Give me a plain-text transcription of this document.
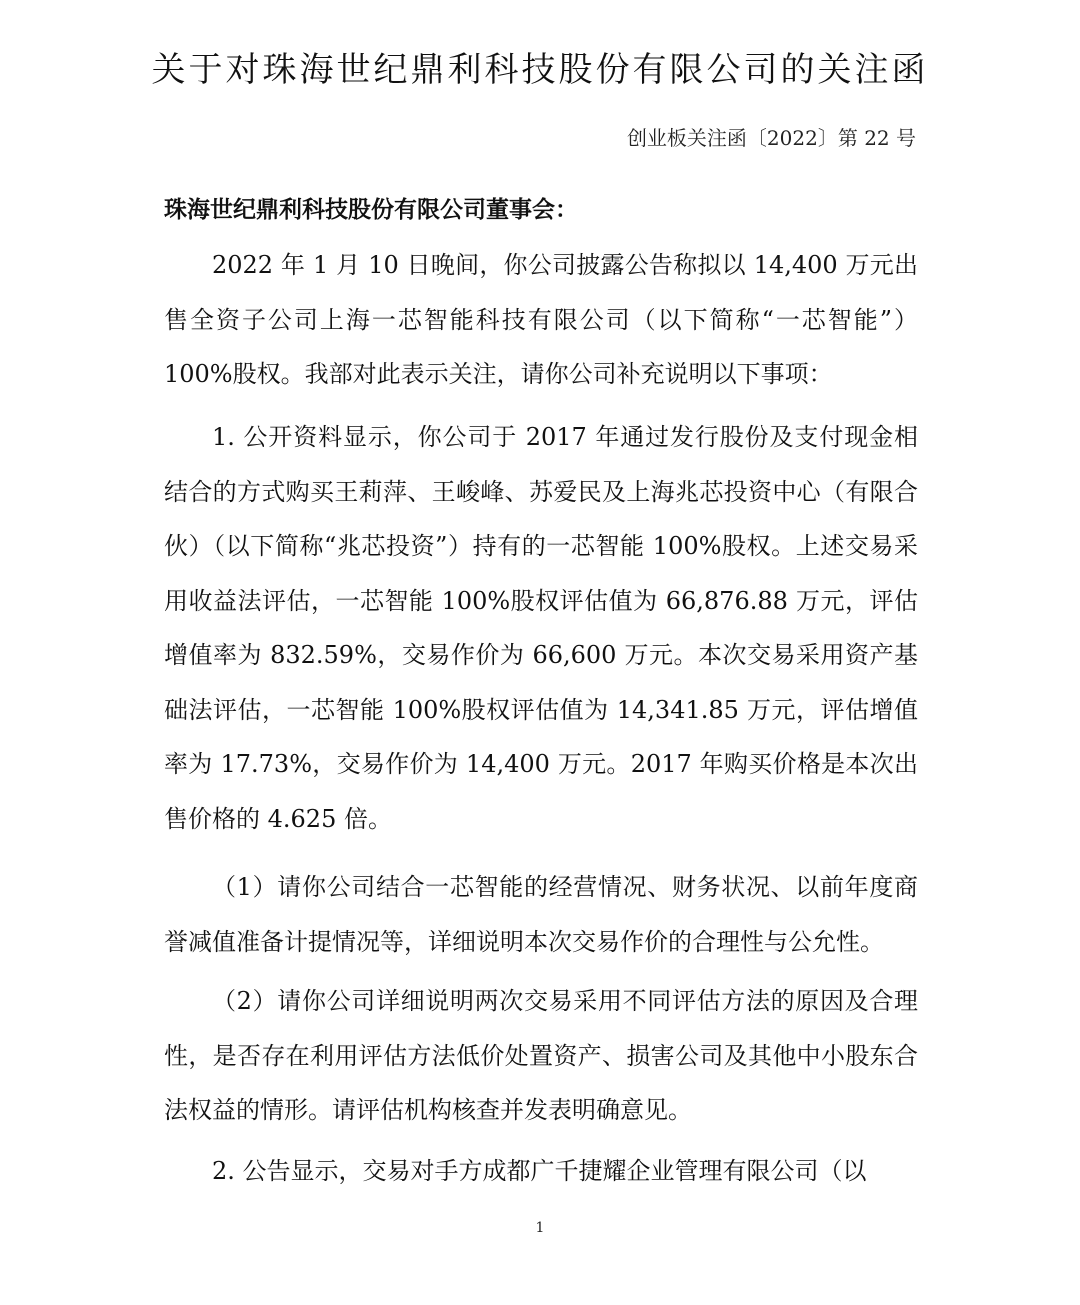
关于对珠海世纪鼎利科技股份有限公司的关注函
创业板关注函〔2022〕第 22 号
珠海世纪鼎利科技股份有限公司董事会：

2022 年 1 月 10 日晚间，你公司披露公告称拟以 14,400 万元出售全资子公司上海一芯智能科技有限公司（以下简称“一芯智能”）100%股权。我部对此表示关注，请你公司补充说明以下事项：

1. 公开资料显示，你公司于 2017 年通过发行股份及支付现金相结合的方式购买王莉萍、王峻峰、苏爱民及上海兆芯投资中心（有限合伙）（以下简称“兆芯投资”）持有的一芯智能 100%股权。上述交易采用收益法评估，一芯智能 100%股权评估值为 66,876.88 万元，评估增值率为 832.59%，交易作价为 66,600 万元。本次交易采用资产基础法评估，一芯智能 100%股权评估值为 14,341.85 万元，评估增值率为 17.73%，交易作价为 14,400 万元。2017 年购买价格是本次出售价格的 4.625 倍。

（1）请你公司结合一芯智能的经营情况、财务状况、以前年度商誉减值准备计提情况等，详细说明本次交易作价的合理性与公允性。

（2）请你公司详细说明两次交易采用不同评估方法的原因及合理性，是否存在利用评估方法低价处置资产、损害公司及其他中小股东合法权益的情形。请评估机构核查并发表明确意见。

2. 公告显示，交易对手方成都广千捷耀企业管理有限公司（以

1
